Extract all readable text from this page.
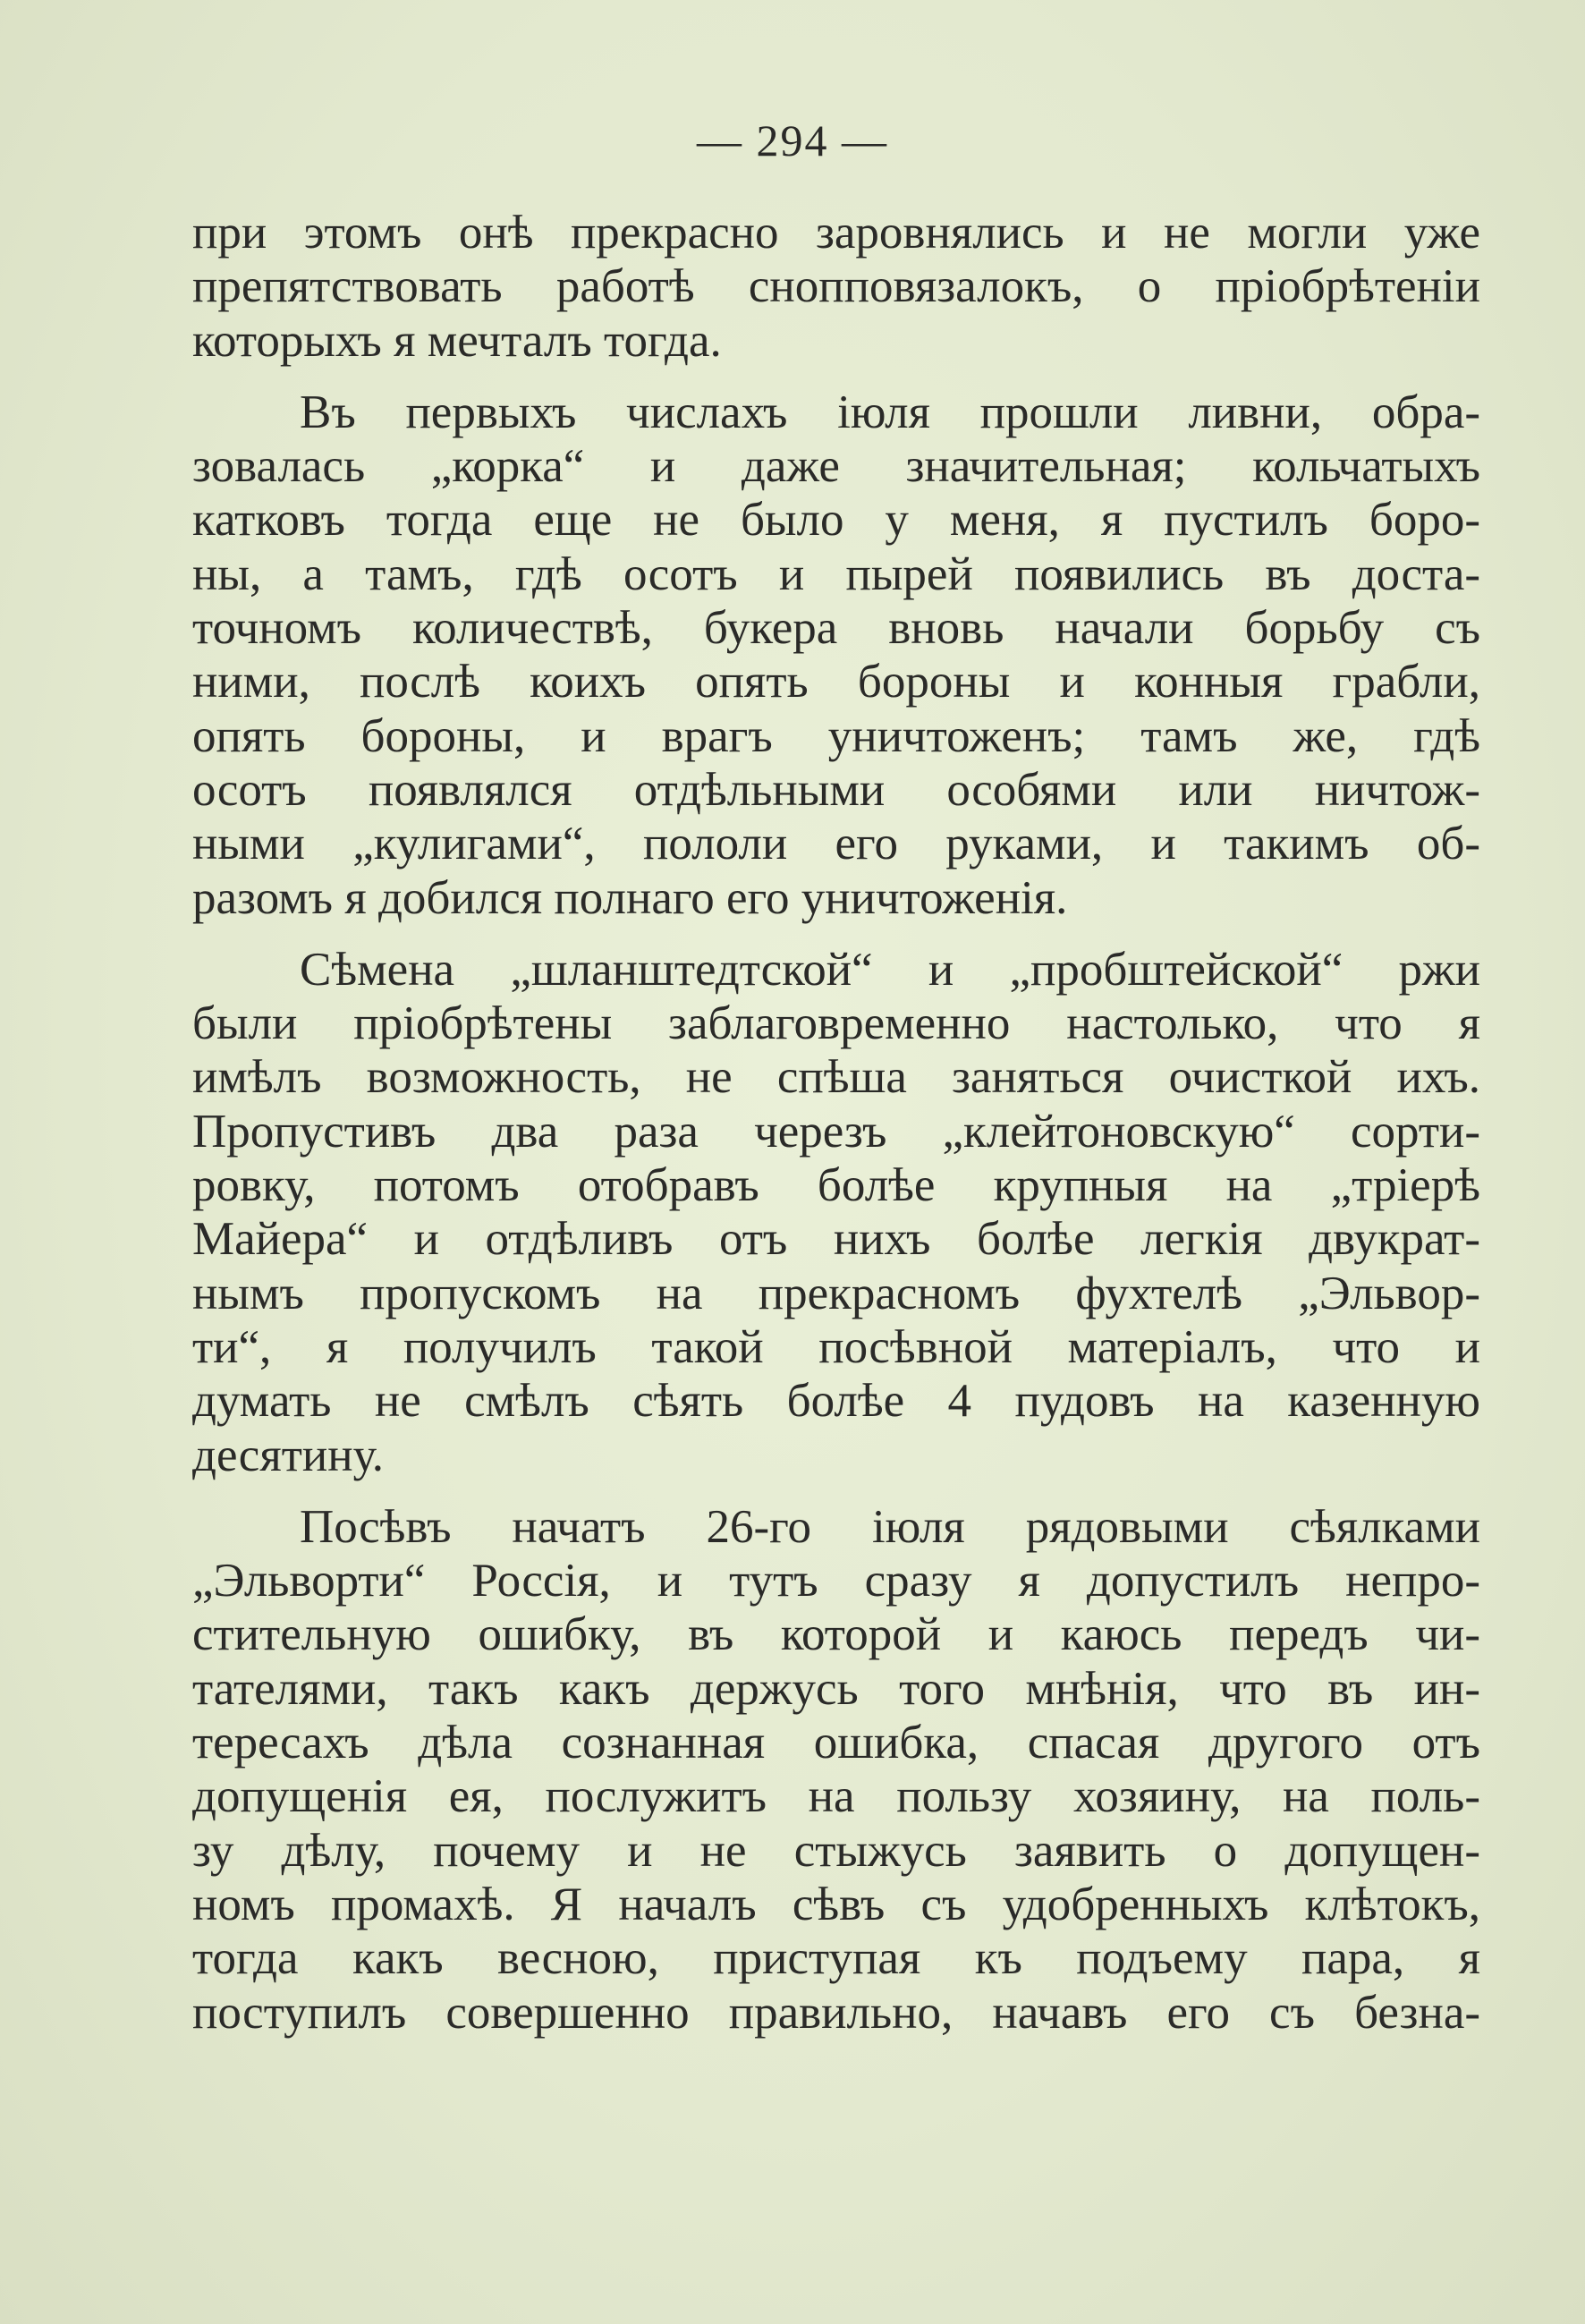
— 294 —
при этомъ онѣ прекрасно заровнялись и не могли уже
препятствовать работѣ снопповязалокъ, о пріобрѣтеніи
которыхъ я мечталъ тогда.
Въ первыхъ числахъ іюля прошли ливни, обра-
зовалась „корка“ и даже значительная; кольчатыхъ
катковъ тогда еще не было у меня, я пустилъ боро-
ны, а тамъ, гдѣ осотъ и пырей появились въ доста-
точномъ количествѣ, букера вновь начали борьбу съ
ними, послѣ коихъ опять бороны и конныя грабли,
опять бороны, и врагъ уничтоженъ; тамъ же, гдѣ
осотъ появлялся отдѣльными особями или ничтож-
ными „кулигами“, пололи его руками, и такимъ об-
разомъ я добился полнаго его уничтоженія.
Сѣмена „шланштедтской“ и „пробштейской“ ржи
были пріобрѣтены заблаговременно настолько, что я
имѣлъ возможность, не спѣша заняться очисткой ихъ.
Пропустивъ два раза черезъ „клейтоновскую“ сорти-
ровку, потомъ отобравъ болѣе крупныя на „тріерѣ
Майера“ и отдѣливъ отъ нихъ болѣе легкія двукрат-
нымъ пропускомъ на прекрасномъ фухтелѣ „Эльвор-
ти“, я получилъ такой посѣвной матеріалъ, что и
думать не смѣлъ сѣять болѣе 4 пудовъ на казенную
десятину.
Посѣвъ начатъ 26-го іюля рядовыми сѣялками
„Эльворти“ Россія, и тутъ сразу я допустилъ непро-
стительную ошибку, въ которой и каюсь передъ чи-
тателями, такъ какъ держусь того мнѣнія, что въ ин-
тересахъ дѣла сознанная ошибка, спасая другого отъ
допущенія ея, послужитъ на пользу хозяину, на поль-
зу дѣлу, почему и не стыжусь заявить о допущен-
номъ промахѣ. Я началъ сѣвъ съ удобренныхъ клѣтокъ,
тогда какъ весною, приступая къ подъему пара, я
поступилъ совершенно правильно, начавъ его съ безна-
